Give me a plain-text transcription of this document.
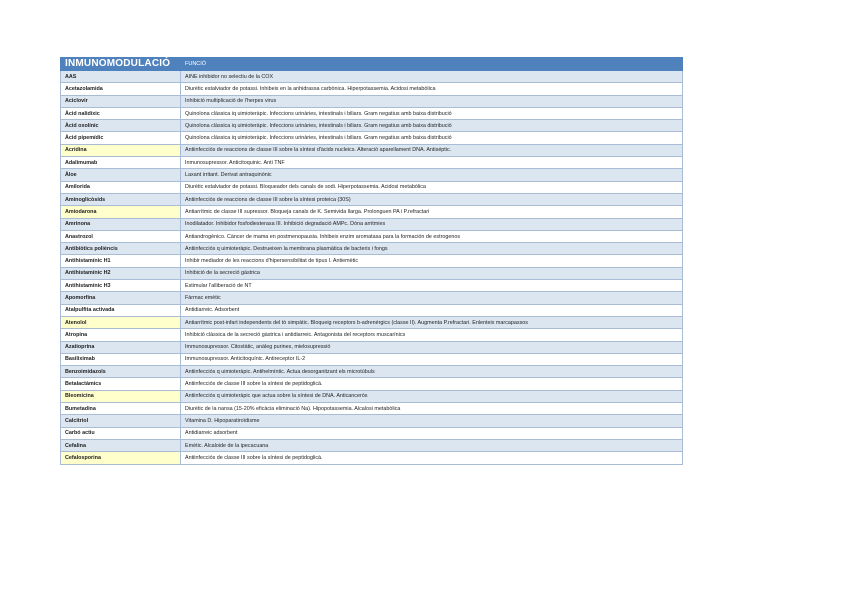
INMUNOMODULACIÓ	FUNCIÓ
AAS	AINE inhibidor no selectiu de la COX
Acetazolamida	Diurètic estalviador de potassi. Inhibeix en la anhidrassa carbònica. Hiperpotassemia. Acidosi metabòlica
Aciclovir	Inhibició multiplicació de l'herpes virus
Àcid nalidíxic	Quinolona clàssica iq uimioteràpic. Infeccions urinàries, intestinals i biliars. Gram negatius amb baixa distribució
Àcid oxolínic	Quinolona clàssica iq uimioteràpic. Infeccions urinàries, intestinals i biliars. Gram negatius amb baixa distribució
Àcid pipemídic	Quinolona clàssica iq uimioteràpic. Infeccions urinàries, intestinals i biliars. Gram negatius amb baixa distribució
Acridina	Antiinfecciós de reaccions de classe III sobre la síntesi d'àcids nucleics. Alteració aparellament DNA. Antiséptic.
Adalimumab	Inmunosupressor. Anticitoquinic. Anti TNF
Àloe	Laxant irritant. Derivat antraquinònic
Amilorida	Diurètic estalviador de potassi. Bloqueador dels canals de sodi. Hiperpotassemia. Acidosi metabòlica
Aminoglicòsids	Antiinfecciós de reaccions de classe III sobre la síntesi proteica (30S)
Amiodarona	Antiarrítmic de classe III supressor. Bloqueja canals de K. Semivida llarga. Prolonguen PA i P.refractari
Amrinona	Inodilatador. Inhibidor fosfodiesterasa III. Inhibició degradació AMPc. Dóna arritmies
Anastrozol	Antiandrogènico. Càncer de mama en postmenopausia. Inhibeix enzim aromatasa para la formación de estrogenos
Antibiòtics polièncis	Antiinfecciós q uimioteràpic. Destrueixen la membrana plasmàtica de bacteris i fongs
Antihistamínic H1	Inhibir mediador de les reaccions d'hipersensibilitat de tipus I. Antiemètic
Antihistamínic H2	Inhibició de la secreció gàstrica
Antihistamínic H3	Estimular l'alliberació de NT
Apomorfina	Fàrmac emètic
Atalpulfita activada	Antidiarreic. Adsorbent
Atenolol	Antiarrítmic post-infart independents del tò simpàtic. Bloqueig receptors b-adrenérgics (classe II). Augmenta P.refractari. Enlenteix marcapassos
Atropina	Inhibició clàssica de la secreció gàstrica i antidiarreic. Antagonista del receptors muscarínics
Azatioprina	Immunosupressor. Citostàtic, anàleg purines, mielosupressió
Basiliximab	Immunosupressor. Anticitoquínic. Antireceptor IL-2
Benzoimidazols	Antiinfecciós q uimioteràpic. Antihelmíntic. Actua desorganitzant els microtúbuls
Betalactàmics	Antiinfecciós de classe III sobre la síntesi de peptidoglicà.
Bleomicina	Antiinfecciós q uimioteràpic que actua sobre la síntesi de DNA. Anticancerós
Bumetadina	Diurètic de la nansa (15-20% eficàcia eliminació Na). Hipopotassemia. Alcalosi metabòlica
Calcitriol	Vitamina D. Hipoparatiroïdisme
Carbó actiu	Antidiarreic adsorbent
Cefalina	Emètic. Alcaloide de la ipecacuana
Cefalosporina	Antiinfecciós de classe III sobre la síntesi de peptidoglicà.
